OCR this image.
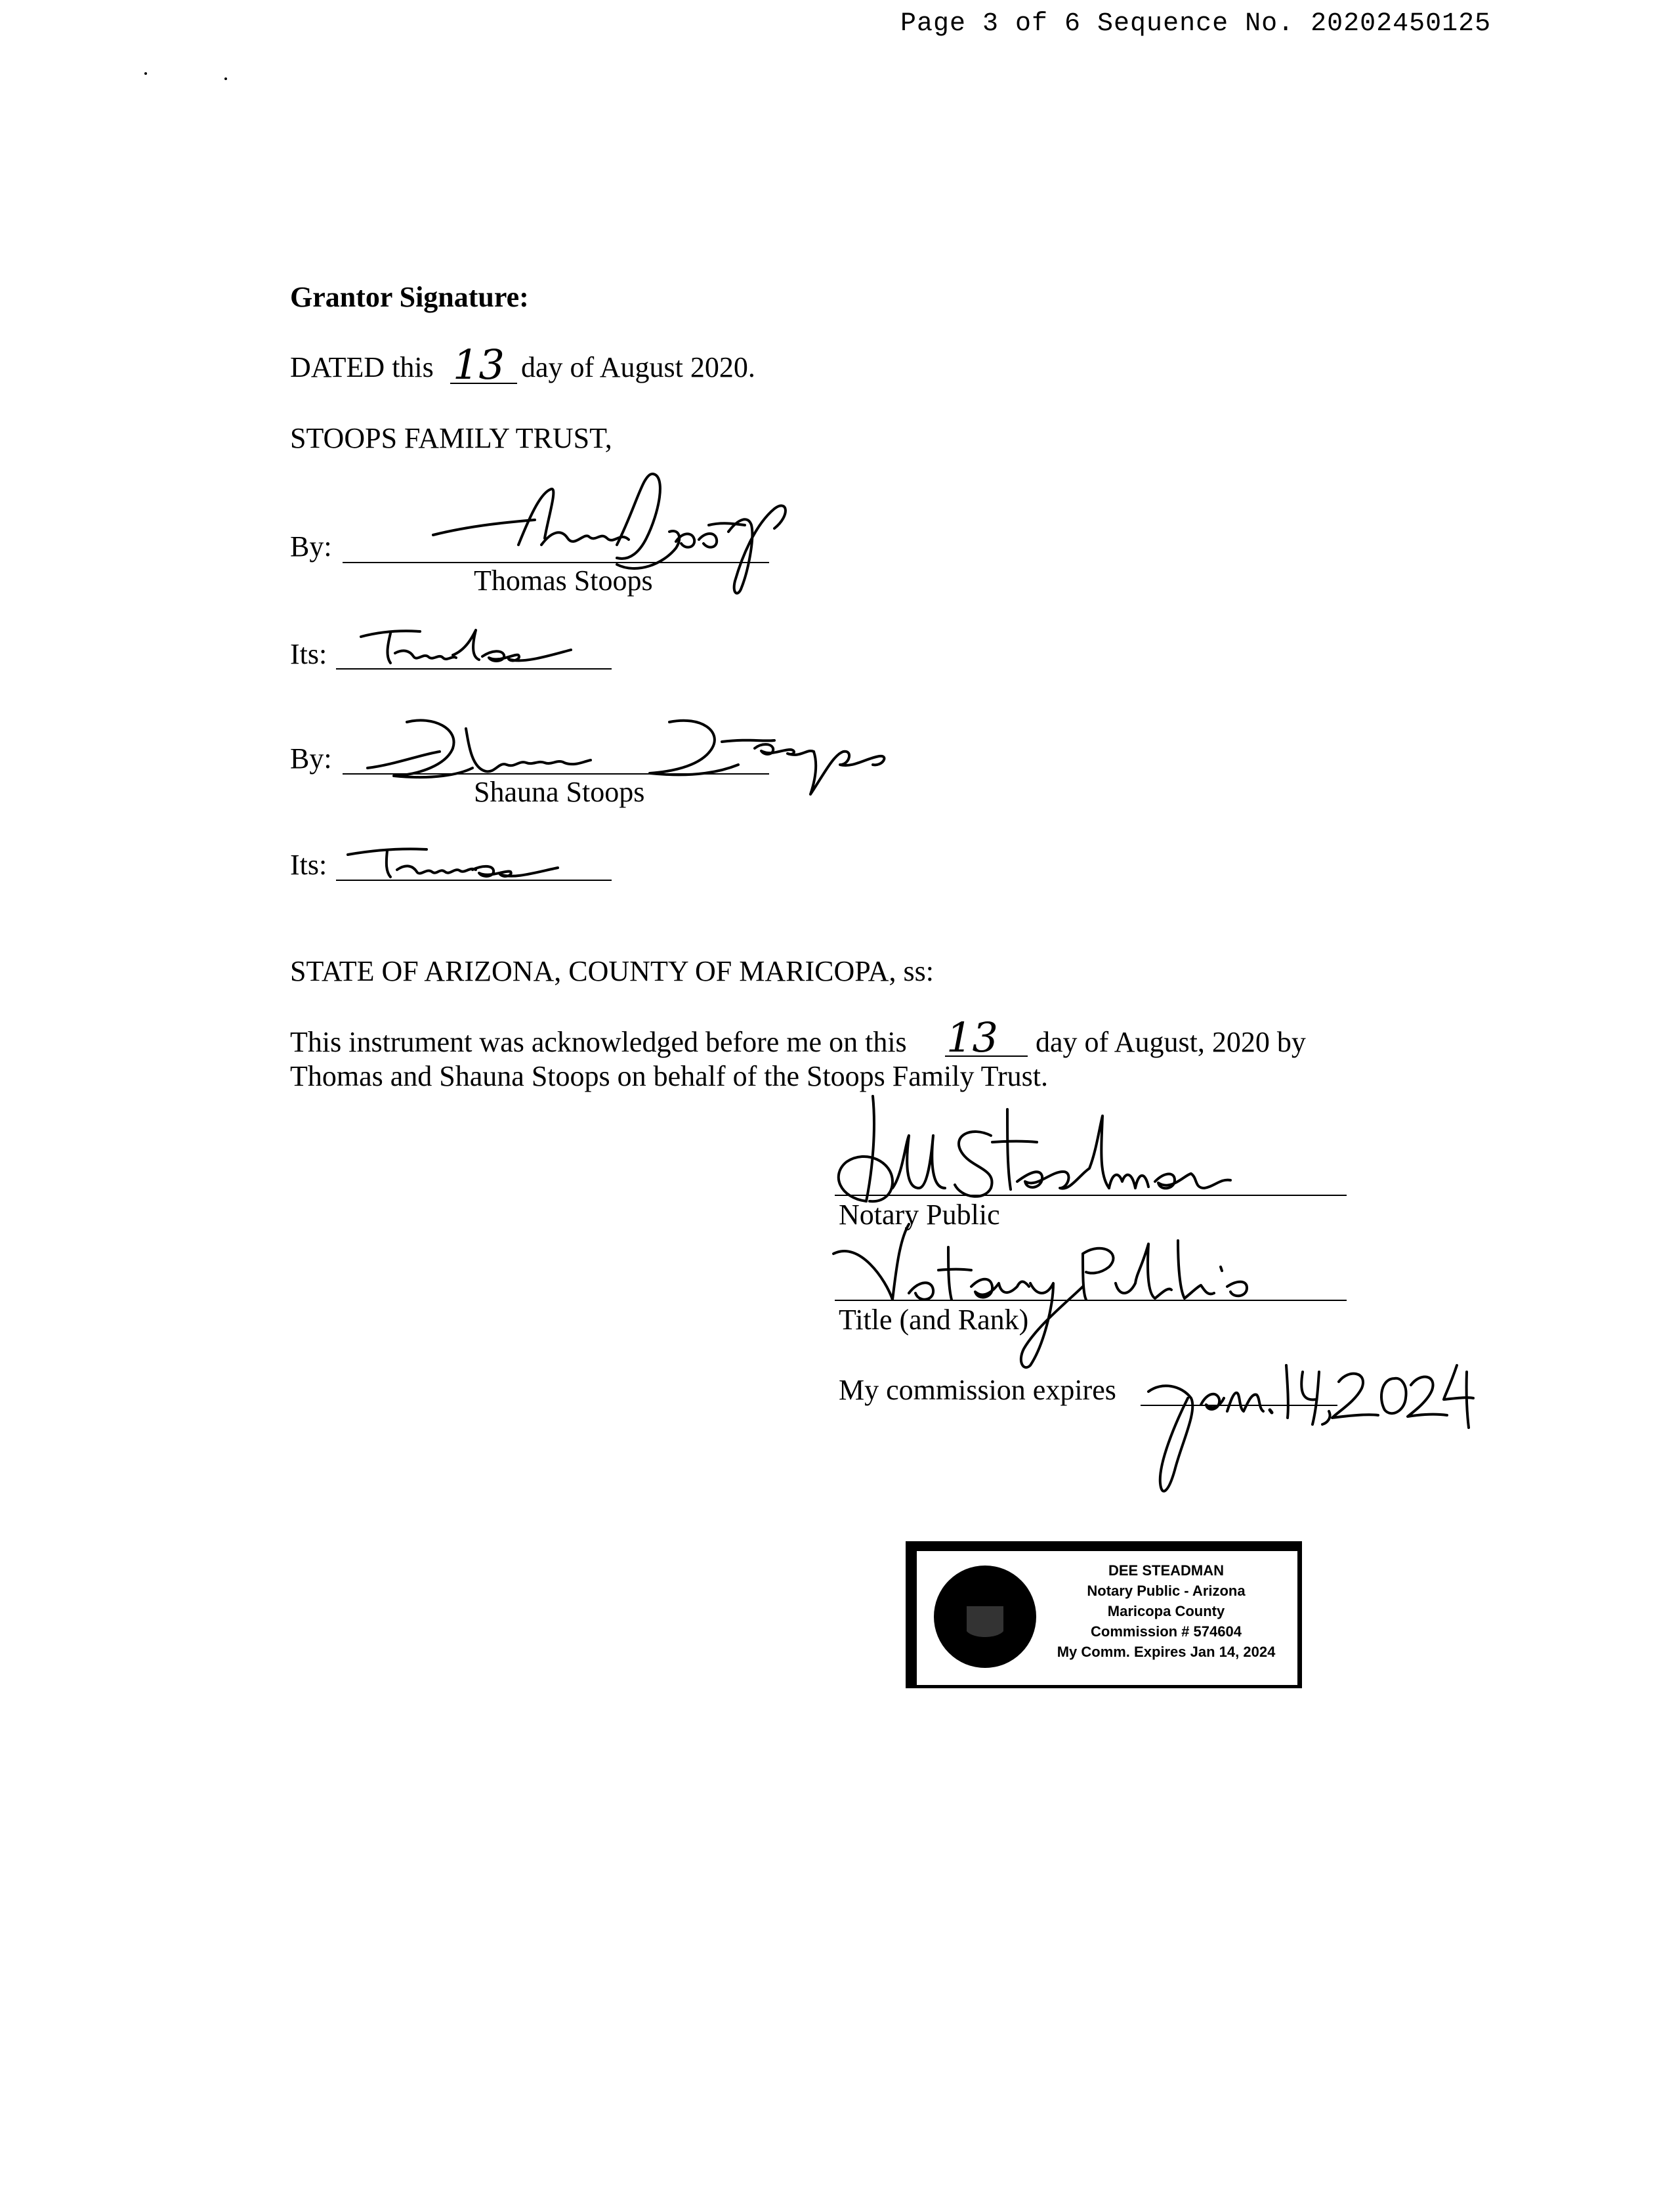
Page 3 of 6 Sequence No. 20202450125
Grantor Signature:
DATED this 13 day of August 2020.
STOOPS FAMILY TRUST,
By:
Thomas Stoops
Its:
By:
Shauna Stoops
Its:
STATE OF ARIZONA, COUNTY OF MARICOPA, ss:
This instrument was acknowledged before me on this 13 day of August, 2020 by
Thomas and Shauna Stoops on behalf of the Stoops Family Trust.
Notary Public
Title (and Rank)
My commission expires
DEE STEADMAN
Notary Public - Arizona
Maricopa County
Commission # 574604
My Comm. Expires Jan 14, 2024
